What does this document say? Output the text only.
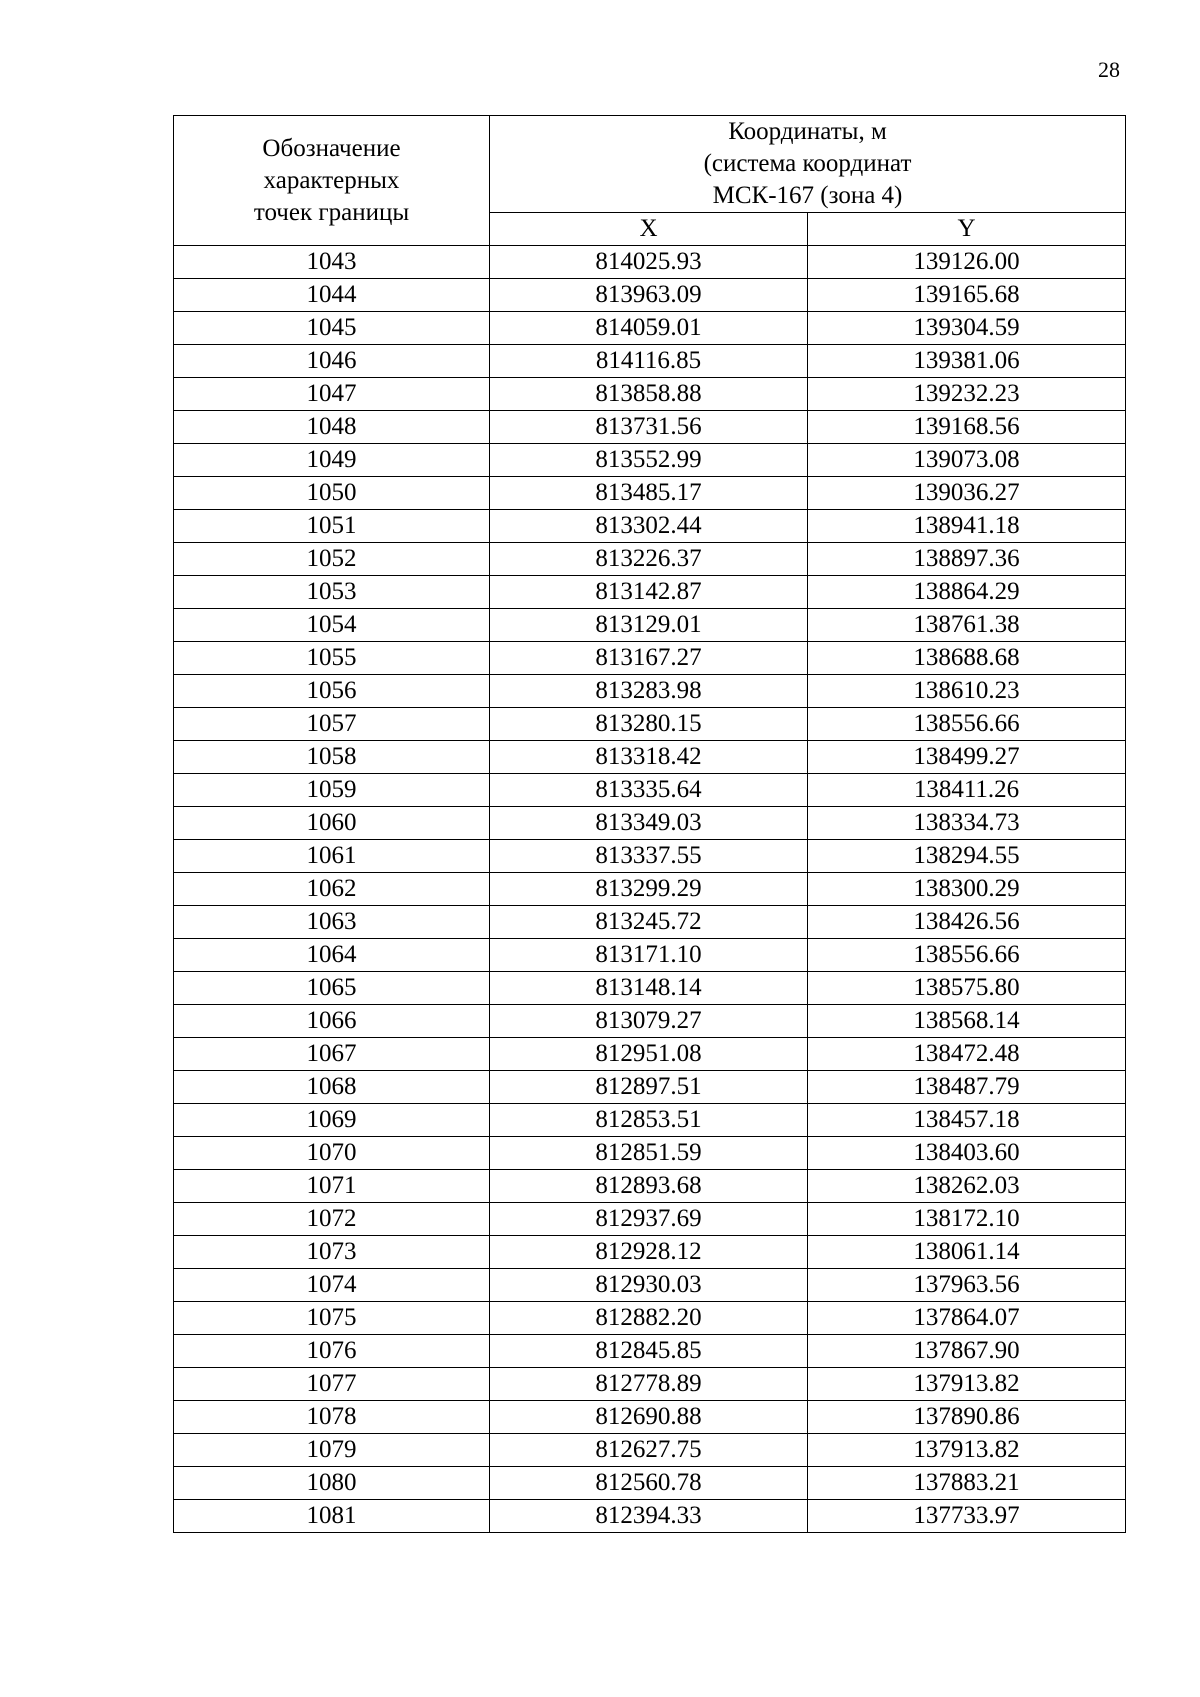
28
Обозначение
характерных
точек границы	Координаты, м
(система координат
МСК-167 (зона 4)	

	X	Y
1043	814025.93	139126.00
1044	813963.09	139165.68
1045	814059.01	139304.59
1046	814116.85	139381.06
1047	813858.88	139232.23
1048	813731.56	139168.56
1049	813552.99	139073.08
1050	813485.17	139036.27
1051	813302.44	138941.18
1052	813226.37	138897.36
1053	813142.87	138864.29
1054	813129.01	138761.38
1055	813167.27	138688.68
1056	813283.98	138610.23
1057	813280.15	138556.66
1058	813318.42	138499.27
1059	813335.64	138411.26
1060	813349.03	138334.73
1061	813337.55	138294.55
1062	813299.29	138300.29
1063	813245.72	138426.56
1064	813171.10	138556.66
1065	813148.14	138575.80
1066	813079.27	138568.14
1067	812951.08	138472.48
1068	812897.51	138487.79
1069	812853.51	138457.18
1070	812851.59	138403.60
1071	812893.68	138262.03
1072	812937.69	138172.10
1073	812928.12	138061.14
1074	812930.03	137963.56
1075	812882.20	137864.07
1076	812845.85	137867.90
1077	812778.89	137913.82
1078	812690.88	137890.86
1079	812627.75	137913.82
1080	812560.78	137883.21
1081	812394.33	137733.97
